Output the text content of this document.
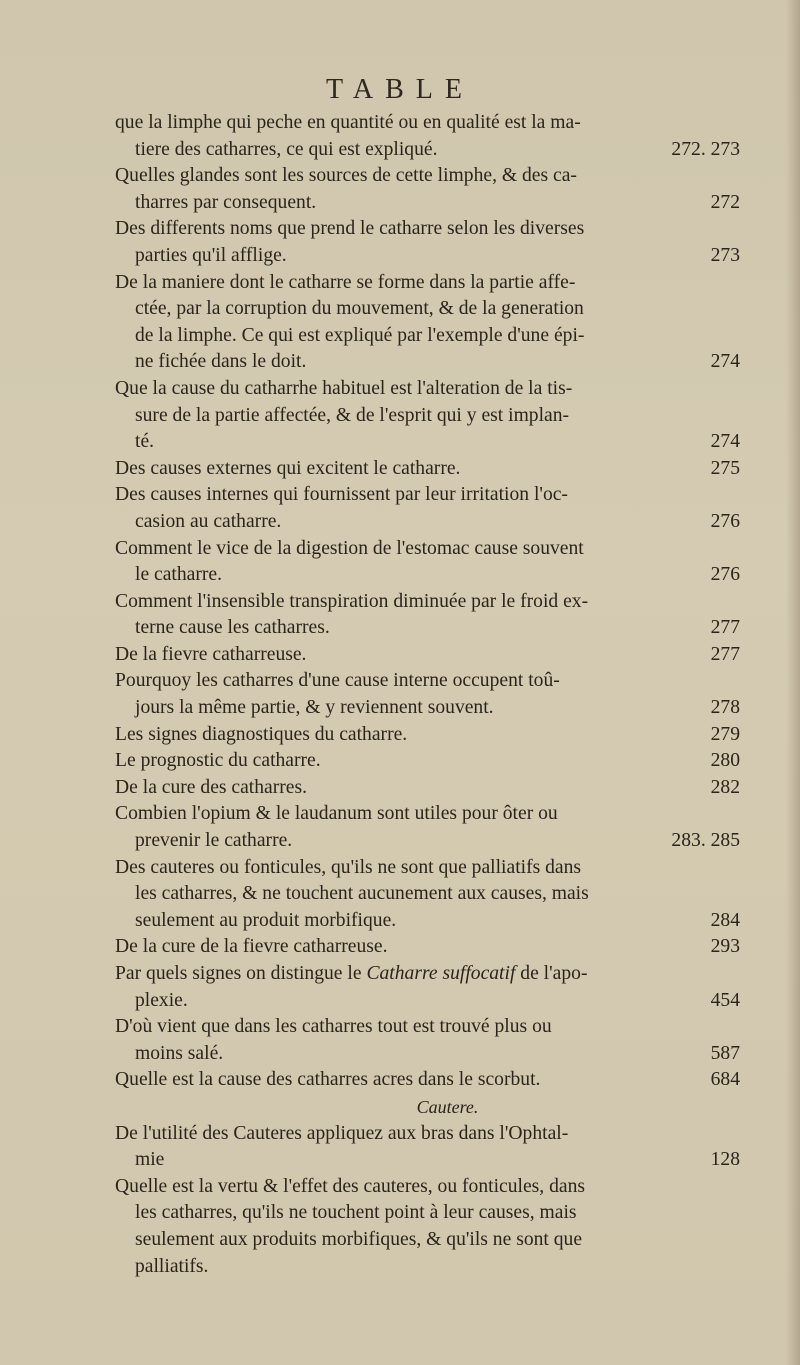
TABLE
que la limphe qui peche en quantité ou en qualité est la ma-
tiere des catharres, ce qui est expliqué.	272. 273
Quelles glandes sont les sources de cette limphe, & des ca-
tharres par consequent.	272
Des differents noms que prend le catharre selon les diverses
parties qu'il afflige.	273
De la maniere dont le catharre se forme dans la partie affe-
ctée, par la corruption du mouvement, & de la generation
de la limphe. Ce qui est expliqué par l'exemple d'une épi-
ne fichée dans le doit.	274
Que la cause du catharrhe habituel est l'alteration de la tis-
sure de la partie affectée, & de l'esprit qui y est implan-
té.	274
Des causes externes qui excitent le catharre.	275
Des causes internes qui fournissent par leur irritation l'oc-
casion au catharre.	276
Comment le vice de la digestion de l'estomac cause souvent
le catharre.	276
Comment l'insensible transpiration diminuée par le froid ex-
terne cause les catharres.	277
De la fievre catharreuse.	277
Pourquoy les catharres d'une cause interne occupent toû-
jours la même partie, & y reviennent souvent.	278
Les signes diagnostiques du catharre.	279
Le prognostic du catharre.	280
De la cure des catharres.	282
Combien l'opium & le laudanum sont utiles pour ôter ou
prevenir le catharre.	283. 285
Des cauteres ou fonticules, qu'ils ne sont que palliatifs dans
les catharres, & ne touchent aucunement aux causes, mais
seulement au produit morbifique.	284
De la cure de la fievre catharreuse.	293
Par quels signes on distingue le Catharre suffocatif de l'apo-
plexie.	454
D'où vient que dans les catharres tout est trouvé plus ou
moins salé.	587
Quelle est la cause des catharres acres dans le scorbut.	684
Cautere.
De l'utilité des Cauteres appliquez aux bras dans l'Ophtal-
mie	128
Quelle est la vertu & l'effet des cauteres, ou fonticules, dans
les catharres, qu'ils ne touchent point à leur causes, mais
seulement aux produits morbifiques, & qu'ils ne sont que
palliatifs.
